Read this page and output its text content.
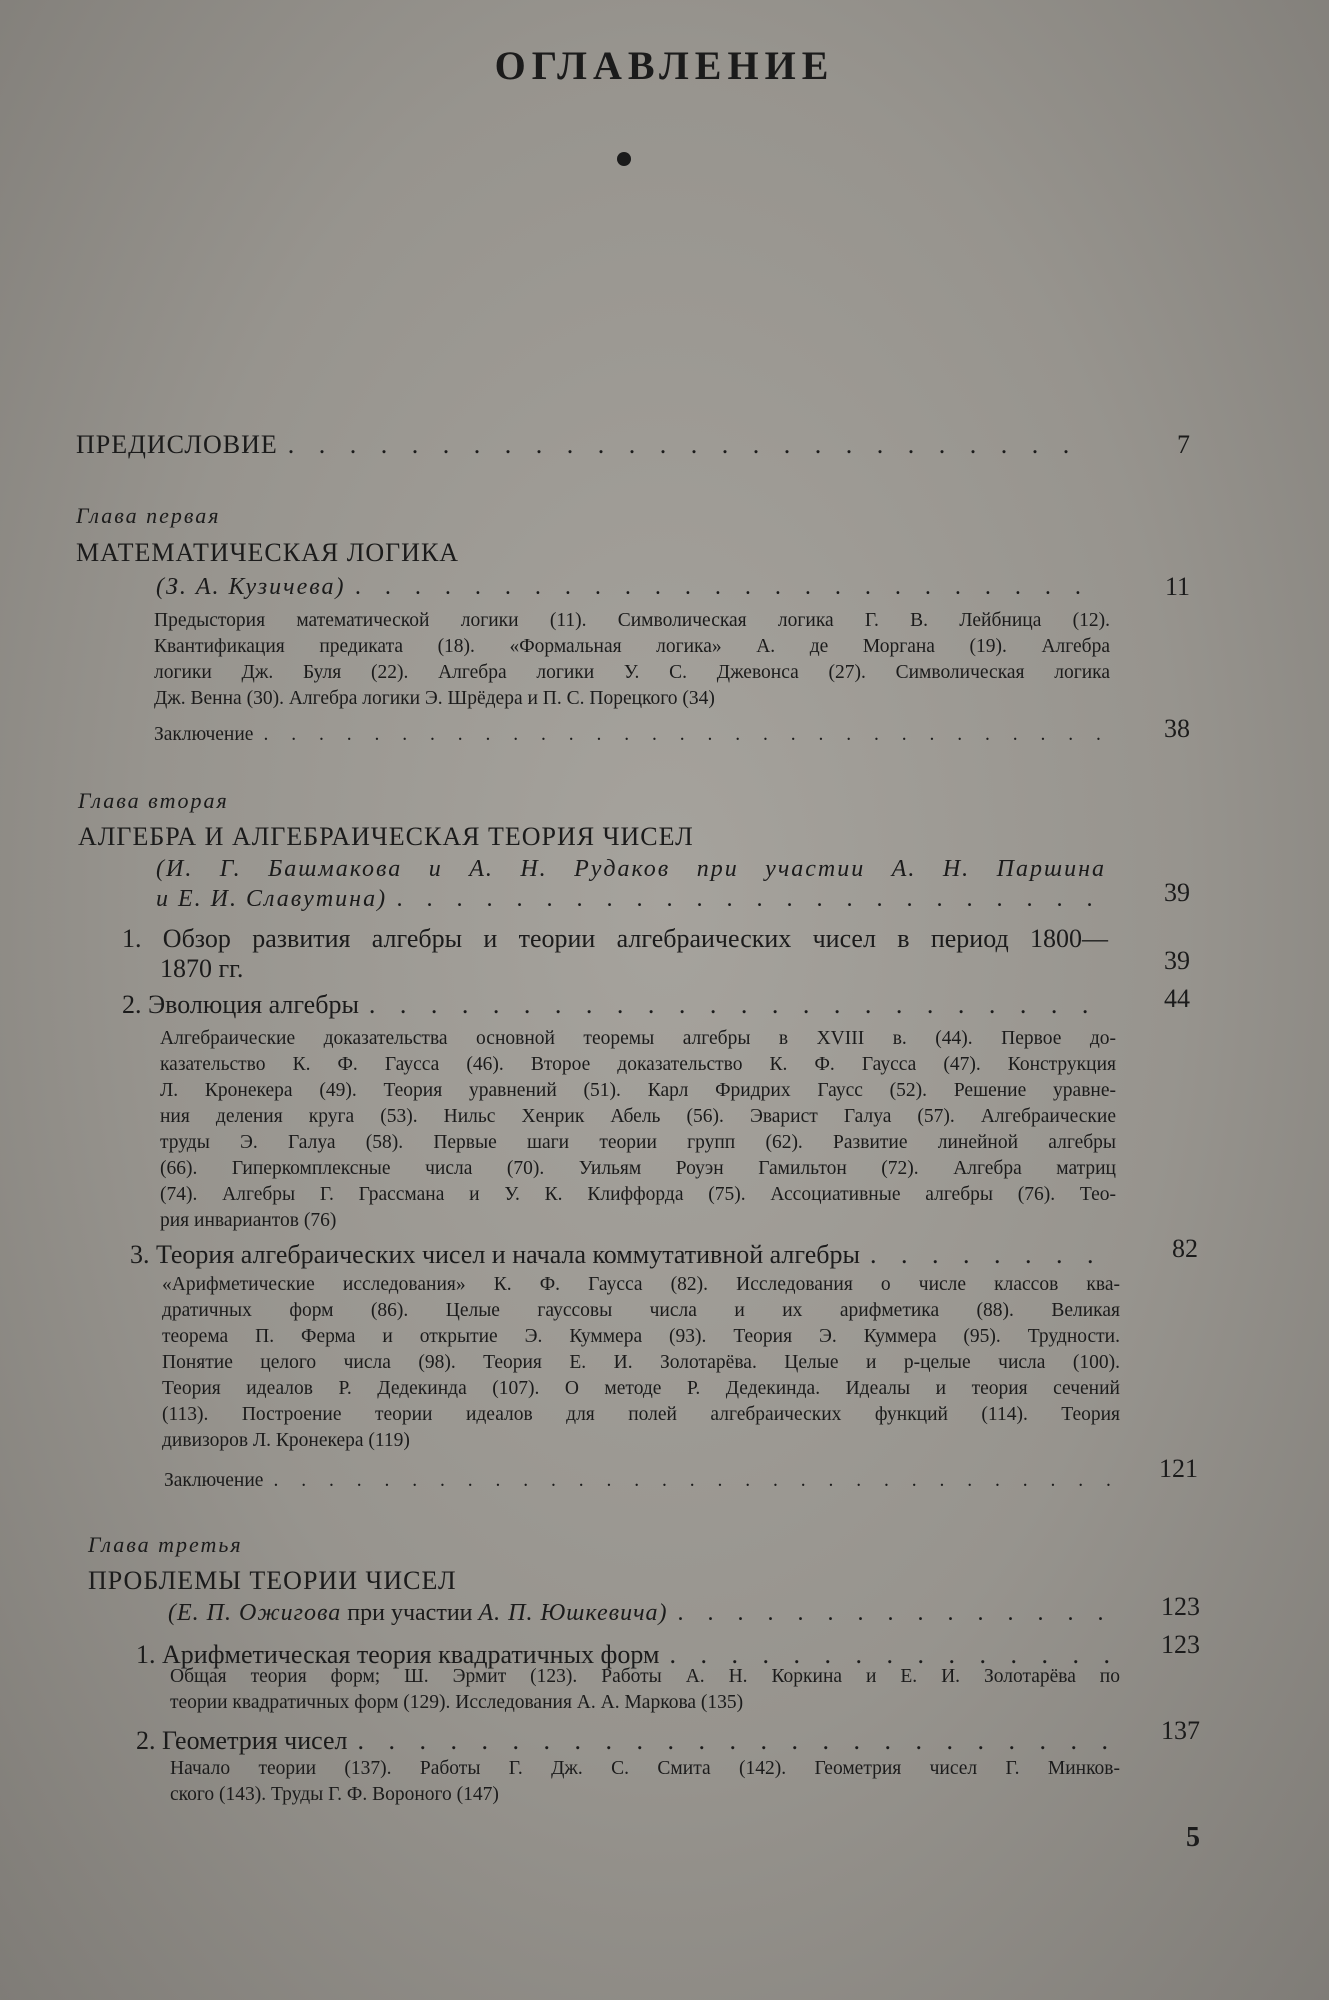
ОГЛАВЛЕНИЕ
ПРЕДИСЛОВИЕ . . .	7
Глава первая
МАТЕМАТИЧЕСКАЯ ЛОГИКА
(З. А. Кузичева) . . .	11
Предыстория математической логики (11). Символическая логика Г. В. Лейбница (12).
Квантификация предиката (18). «Формальная логика» А. де Моргана (19). Алгебра
логики Дж. Буля (22). Алгебра логики У. С. Джевонса (27). Символическая логика
Дж. Венна (30). Алгебра логики Э. Шрёдера и П. С. Порецкого (34)
Заключение . . .	38
Глава вторая
АЛГЕБРА И АЛГЕБРАИЧЕСКАЯ ТЕОРИЯ ЧИСЕЛ
(И. Г. Башмакова и А. Н. Рудаков при участии А. Н. Паршина
и Е. И. Славутина) . . .	39
1. Обзор развития алгебры и теории алгебраических чисел в период 1800—
1870 гг.	39
2. Эволюция алгебры . . .	44
Алгебраические доказательства основной теоремы алгебры в XVIII в. (44). Первое до-
казательство К. Ф. Гаусса (46). Второе доказательство К. Ф. Гаусса (47). Конструкция
Л. Кронекера (49). Теория уравнений (51). Карл Фридрих Гаусс (52). Решение уравне-
ния деления круга (53). Нильс Хенрик Абель (56). Эварист Галуа (57). Алгебраические
труды Э. Галуа (58). Первые шаги теории групп (62). Развитие линейной алгебры
(66). Гиперкомплексные числа (70). Уильям Роуэн Гамильтон (72). Алгебра матриц
(74). Алгебры Г. Грассмана и У. К. Клиффорда (75). Ассоциативные алгебры (76). Тео-
рия инвариантов (76)
3. Теория алгебраических чисел и начала коммутативной алгебры . . .	82
«Арифметические исследования» К. Ф. Гаусса (82). Исследования о числе классов ква-
дратичных форм (86). Целые гауссовы числа и их арифметика (88). Великая
теорема П. Ферма и открытие Э. Куммера (93). Теория Э. Куммера (95). Трудности.
Понятие целого числа (98). Теория Е. И. Золотарёва. Целые и p-целые числа (100).
Теория идеалов Р. Дедекинда (107). О методе Р. Дедекинда. Идеалы и теория сечений
(113). Построение теории идеалов для полей алгебраических функций (114). Теория
дивизоров Л. Кронекера (119)
Заключение . . .	121
Глава третья
ПРОБЛЕМЫ ТЕОРИИ ЧИСЕЛ
(Е. П. Ожигова при участии А. П. Юшкевича) . . .	123
1. Арифметическая теория квадратичных форм . . .	123
Общая теория форм; Ш. Эрмит (123). Работы А. Н. Коркина и Е. И. Золотарёва по
теории квадратичных форм (129). Исследования А. А. Маркова (135)
2. Геометрия чисел . . .	137
Начало теории (137). Работы Г. Дж. С. Смита (142). Геометрия чисел Г. Минков-
ского (143). Труды Г. Ф. Вороного (147)
5
